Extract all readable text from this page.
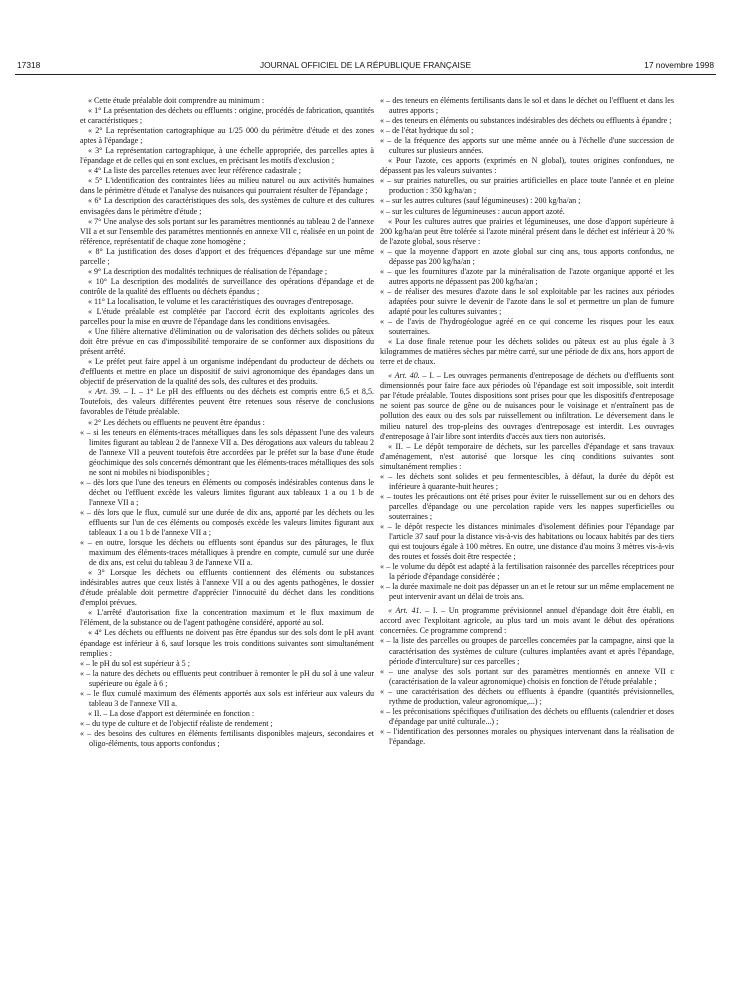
17318	JOURNAL OFFICIEL DE LA RÉPUBLIQUE FRANÇAISE	17 novembre 1998

« Cette étude préalable doit comprendre au minimum :

« 1° La présentation des déchets ou effluents : origine, procédés de fabrication, quantités et caractéristiques ;

« 2° La représentation cartographique au 1/25 000 du périmètre d'étude et des zones aptes à l'épandage ;

« 3° La représentation cartographique, à une échelle appropriée, des parcelles aptes à l'épandage et de celles qui en sont exclues, en précisant les motifs d'exclusion ;

« 4° La liste des parcelles retenues avec leur référence cadastrale ;

« 5° L'identification des contraintes liées au milieu naturel ou aux activités humaines dans le périmètre d'étude et l'analyse des nuisances qui pourraient résulter de l'épandage ;

« 6° La description des caractéristiques des sols, des systèmes de culture et des cultures envisagées dans le périmètre d'étude ;

« 7° Une analyse des sols portant sur les paramètres mentionnés au tableau 2 de l'annexe VII a et sur l'ensemble des paramètres mentionnés en annexe VII c, réalisée en un point de référence, représentatif de chaque zone homogène ;

« 8° La justification des doses d'apport et des fréquences d'épandage sur une même parcelle ;

« 9° La description des modalités techniques de réalisation de l'épandage ;

« 10° La description des modalités de surveillance des opérations d'épandage et de contrôle de la qualité des effluents ou déchets épandus ;

« 11° La localisation, le volume et les caractéristiques des ouvrages d'entreposage.

« L'étude préalable est complétée par l'accord écrit des exploitants agricoles des parcelles pour la mise en œuvre de l'épandage dans les conditions envisagées.

« Une filière alternative d'élimination ou de valorisation des déchets solides ou pâteux doit être prévue en cas d'impossibilité temporaire de se conformer aux dispositions du présent arrêté.

« Le préfet peut faire appel à un organisme indépendant du producteur de déchets ou d'effluents et mettre en place un dispositif de suivi agronomique des épandages dans un objectif de préservation de la qualité des sols, des cultures et des produits.

« Art. 39. – I. – 1° Le pH des effluents ou des déchets est compris entre 6,5 et 8,5. Toutefois, des valeurs différentes peuvent être retenues sous réserve de conclusions favorables de l'étude préalable.

« 2° Les déchets ou effluents ne peuvent être épandus :

« – si les teneurs en éléments-traces métalliques dans les sols dépassent l'une des valeurs limites figurant au tableau 2 de l'annexe VII a. Des dérogations aux valeurs du tableau 2 de l'annexe VII a peuvent toutefois être accordées par le préfet sur la base d'une étude géochimique des sols concernés démontrant que les éléments-traces métalliques des sols ne sont ni mobiles ni biodisponibles ;

« – dès lors que l'une des teneurs en éléments ou composés indésirables contenus dans le déchet ou l'effluent excède les valeurs limites figurant aux tableaux 1 a ou 1 b de l'annexe VII a ;

« – dès lors que le flux, cumulé sur une durée de dix ans, apporté par les déchets ou les effluents sur l'un de ces éléments ou composés excède les valeurs limites figurant aux tableaux 1 a ou 1 b de l'annexe VII a ;

« – en outre, lorsque les déchets ou effluents sont épandus sur des pâturages, le flux maximum des éléments-traces métalliques à prendre en compte, cumulé sur une durée de dix ans, est celui du tableau 3 de l'annexe VII a.

« 3° Lorsque les déchets ou effluents contiennent des éléments ou substances indésirables autres que ceux listés à l'annexe VII a ou des agents pathogènes, le dossier d'étude préalable doit permettre d'apprécier l'innocuité du déchet dans les conditions d'emploi prévues.

« L'arrêté d'autorisation fixe la concentration maximum et le flux maximum de l'élément, de la substance ou de l'agent pathogène considéré, apporté au sol.

« 4° Les déchets ou effluents ne doivent pas être épandus sur des sols dont le pH avant épandage est inférieur à 6, sauf lorsque les trois conditions suivantes sont simultanément remplies :

« – le pH du sol est supérieur à 5 ;

« – la nature des déchets ou effluents peut contribuer à remonter le pH du sol à une valeur supérieure ou égale à 6 ;

« – le flux cumulé maximum des éléments apportés aux sols est inférieur aux valeurs du tableau 3 de l'annexe VII a.

« II. – La dose d'apport est déterminée en fonction :

« – du type de culture et de l'objectif réaliste de rendement ;

« – des besoins des cultures en éléments fertilisants disponibles majeurs, secondaires et oligo-éléments, tous apports confondus ;

« – des teneurs en éléments fertilisants dans le sol et dans le déchet ou l'effluent et dans les autres apports ;

« – des teneurs en éléments ou substances indésirables des déchets ou effluents à épandre ;

« – de l'état hydrique du sol ;

« – de la fréquence des apports sur une même année ou à l'échelle d'une succession de cultures sur plusieurs années.

« Pour l'azote, ces apports (exprimés en N global), toutes origines confondues, ne dépassent pas les valeurs suivantes :

« – sur prairies naturelles, ou sur prairies artificielles en place toute l'année et en pleine production : 350 kg/ha/an ;

« – sur les autres cultures (sauf légumineuses) : 200 kg/ha/an ;

« – sur les cultures de légumineuses : aucun apport azoté.

« Pour les cultures autres que prairies et légumineuses, une dose d'apport supérieure à 200 kg/ha/an peut être tolérée si l'azote minéral présent dans le déchet est inférieur à 20 % de l'azote global, sous réserve :

« – que la moyenne d'apport en azote global sur cinq ans, tous apports confondus, ne dépasse pas 200 kg/ha/an ;

« – que les fournitures d'azote par la minéralisation de l'azote organique apporté et les autres apports ne dépassent pas 200 kg/ha/an ;

« – de réaliser des mesures d'azote dans le sol exploitable par les racines aux périodes adaptées pour suivre le devenir de l'azote dans le sol et permettre un plan de fumure adapté pour les cultures suivantes ;

« – de l'avis de l'hydrogéologue agréé en ce qui concerne les risques pour les eaux souterraines.

« La dose finale retenue pour les déchets solides ou pâteux est au plus égale à 3 kilogrammes de matières sèches par mètre carré, sur une période de dix ans, hors apport de terre et de chaux.

« Art. 40. – I. – Les ouvrages permanents d'entreposage de déchets ou d'effluents sont dimensionnés pour faire face aux périodes où l'épandage est soit impossible, soit interdit par l'étude préalable. Toutes dispositions sont prises pour que les dispositifs d'entreposage ne soient pas source de gêne ou de nuisances pour le voisinage et n'entraînent pas de pollution des eaux ou des sols par ruissellement ou infiltration. Le déversement dans le milieu naturel des trop-pleins des ouvrages d'entreposage est interdit. Les ouvrages d'entreposage à l'air libre sont interdits d'accès aux tiers non autorisés.

« II. – Le dépôt temporaire de déchets, sur les parcelles d'épandage et sans travaux d'aménagement, n'est autorisé que lorsque les cinq conditions suivantes sont simultanément remplies :

« – les déchets sont solides et peu fermentescibles, à défaut, la durée du dépôt est inférieure à quarante-huit heures ;

« – toutes les précautions ont été prises pour éviter le ruissellement sur ou en dehors des parcelles d'épandage ou une percolation rapide vers les nappes superficielles ou souterraines ;

« – le dépôt respecte les distances minimales d'isolement définies pour l'épandage par l'article 37 sauf pour la distance vis-à-vis des habitations ou locaux habités par des tiers qui est toujours égale à 100 mètres. En outre, une distance d'au moins 3 mètres vis-à-vis des routes et fossés doit être respectée ;

« – le volume du dépôt est adapté à la fertilisation raisonnée des parcelles réceptrices pour la période d'épandage considérée ;

« – la durée maximale ne doit pas dépasser un an et le retour sur un même emplacement ne peut intervenir avant un délai de trois ans.

« Art. 41. – I. – Un programme prévisionnel annuel d'épandage doit être établi, en accord avec l'exploitant agricole, au plus tard un mois avant le début des opérations concernées. Ce programme comprend :

« – la liste des parcelles ou groupes de parcelles concernées par la campagne, ainsi que la caractérisation des systèmes de culture (cultures implantées avant et après l'épandage, période d'interculture) sur ces parcelles ;

« – une analyse des sols portant sur des paramètres mentionnés en annexe VII c (caractérisation de la valeur agronomique) choisis en fonction de l'étude préalable ;

« – une caractérisation des déchets ou effluents à épandre (quantités prévisionnelles, rythme de production, valeur agronomique,...) ;

« – les préconisations spécifiques d'utilisation des déchets ou effluents (calendrier et doses d'épandage par unité culturale...) ;

« – l'identification des personnes morales ou physiques intervenant dans la réalisation de l'épandage.
